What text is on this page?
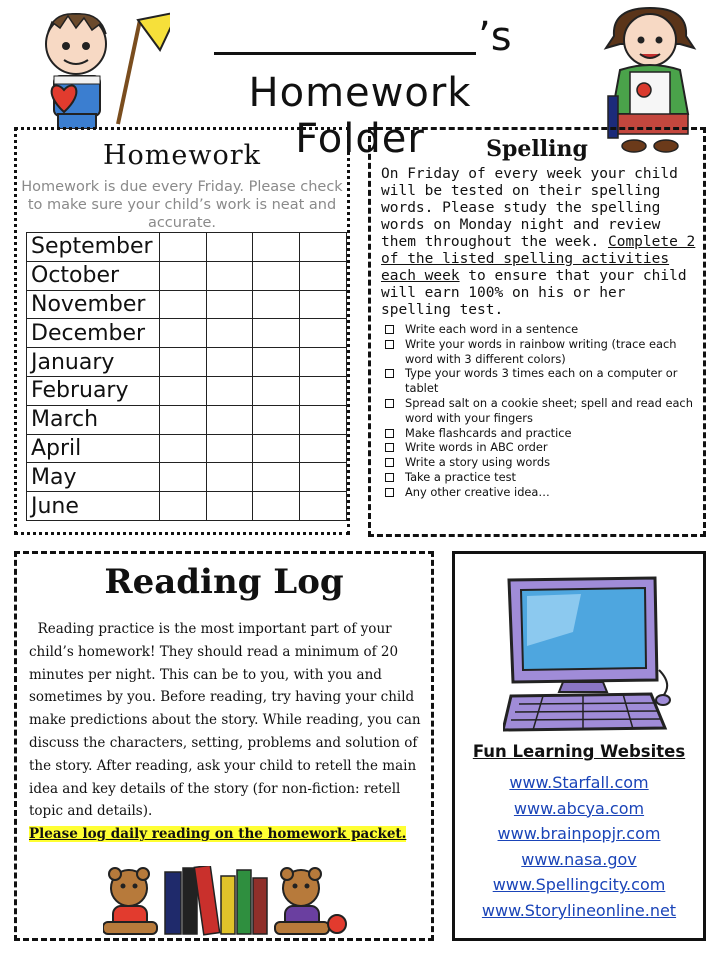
’s
Homework Folder
Homework
Homework is due every Friday. Please check to make sure your child’s work is neat and accurate.
September				
October				
November				
December				
January				
February				
March				
April				
May				
June				
Spelling
On Friday of every week your child will be tested on their spelling words. Please study the spelling words on Monday night and review them throughout the week. Complete 2 of the listed spelling activities each week to ensure that your child will earn 100% on his or her spelling test.
Write each word in a sentence
Write your words in rainbow writing (trace each word with 3 different colors)
Type your words 3 times each on a computer or tablet
Spread salt on a cookie sheet; spell and read each word with your fingers
Make flashcards and practice
Write words in ABC order
Write a story using words
Take a practice test
Any other creative idea…
Reading Log
Reading practice is the most important part of your child’s homework! They should read a minimum of 20 minutes per night. This can be to you, with you and sometimes by you. Before reading, try having your child make predictions about the story. While reading, you can discuss the characters, setting, problems and solution of the story. After reading, ask your child to retell the main idea and key details of the story (for non-fiction: retell topic and details).
Please log daily reading on the homework packet.
Fun Learning Websites
www.Starfall.com
www.abcya.com
www.brainpopjr.com
www.nasa.gov
www.Spellingcity.com
www.Storylineonline.net
